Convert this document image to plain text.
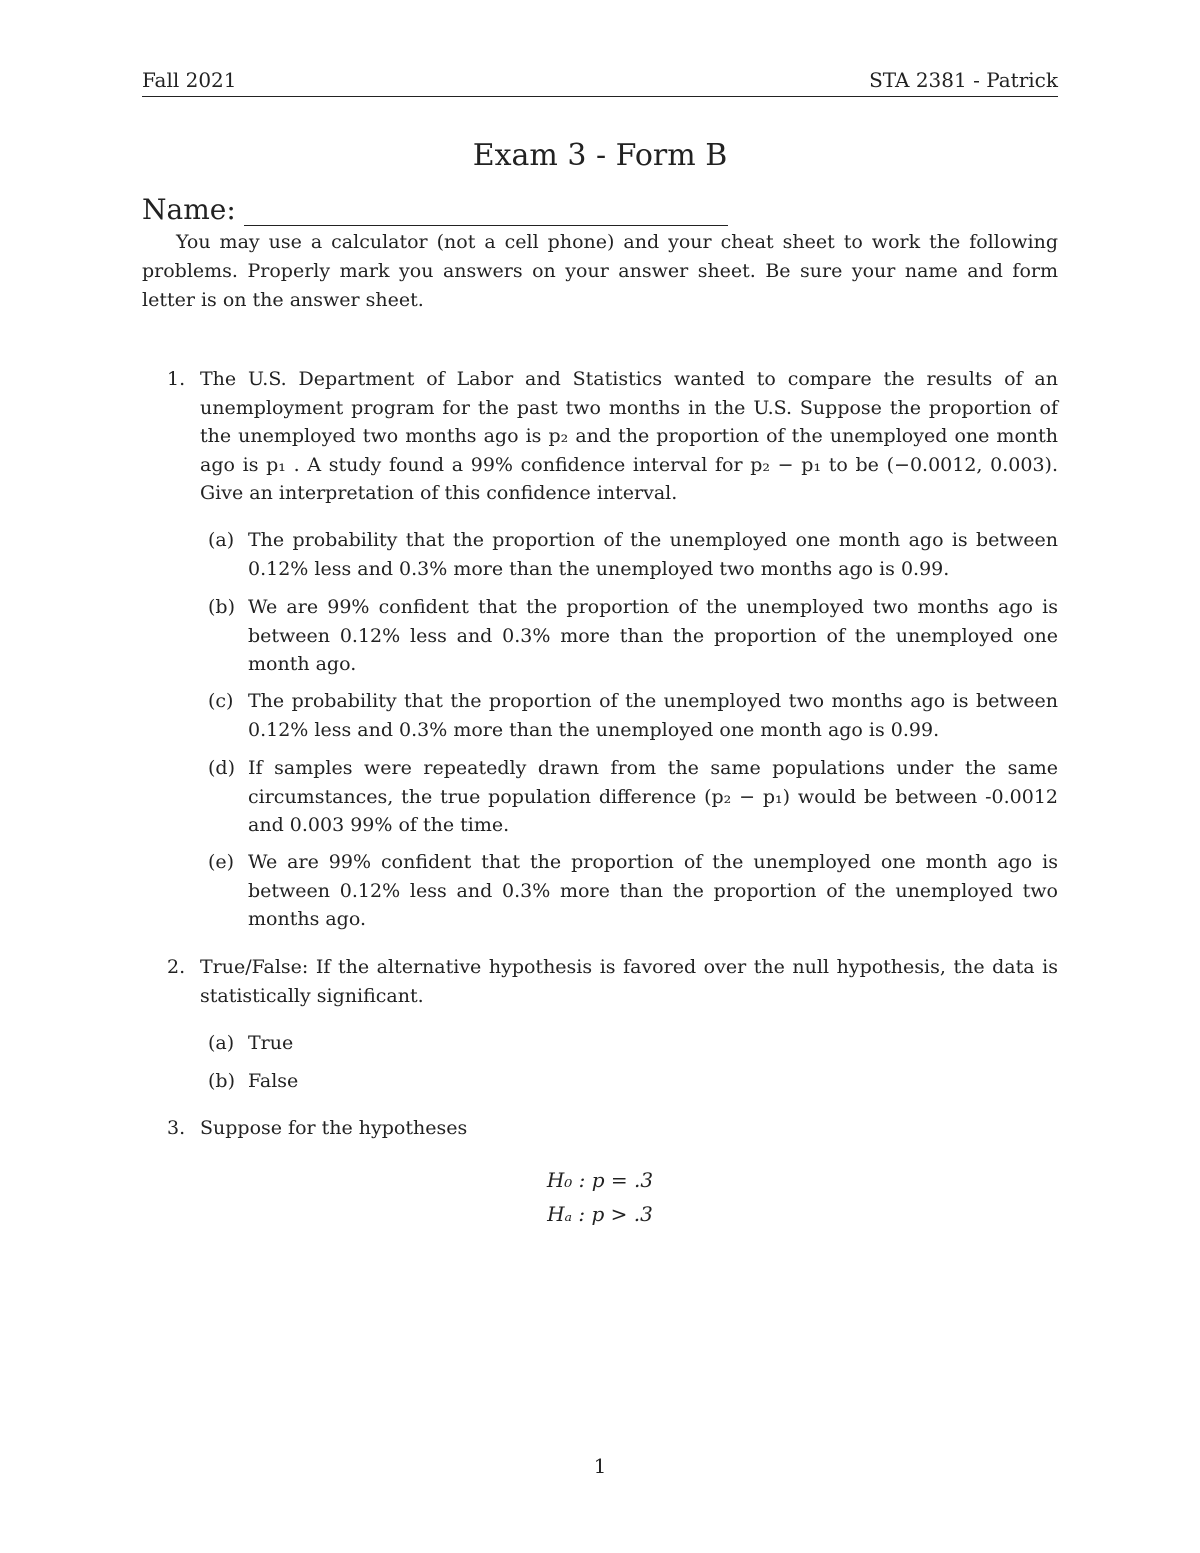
Fall 2021	STA 2381 - Patrick
Exam 3 - Form B
Name:
You may use a calculator (not a cell phone) and your cheat sheet to work the following problems. Properly mark you answers on your answer sheet. Be sure your name and form letter is on the answer sheet.
1. The U.S. Department of Labor and Statistics wanted to compare the results of an unemployment program for the past two months in the U.S. Suppose the proportion of the unemployed two months ago is p₂ and the proportion of the unemployed one month ago is p₁ . A study found a 99% confidence interval for p₂ − p₁ to be (−0.0012, 0.003). Give an interpretation of this confidence interval.
(a) The probability that the proportion of the unemployed one month ago is between 0.12% less and 0.3% more than the unemployed two months ago is 0.99.
(b) We are 99% confident that the proportion of the unemployed two months ago is between 0.12% less and 0.3% more than the proportion of the unemployed one month ago.
(c) The probability that the proportion of the unemployed two months ago is between 0.12% less and 0.3% more than the unemployed one month ago is 0.99.
(d) If samples were repeatedly drawn from the same populations under the same circumstances, the true population difference (p₂ − p₁) would be between -0.0012 and 0.003 99% of the time.
(e) We are 99% confident that the proportion of the unemployed one month ago is between 0.12% less and 0.3% more than the proportion of the unemployed two months ago.
2. True/False: If the alternative hypothesis is favored over the null hypothesis, the data is statistically significant.
(a) True
(b) False
3. Suppose for the hypotheses
H₀ : p = .3
Hₐ : p > .3
1
